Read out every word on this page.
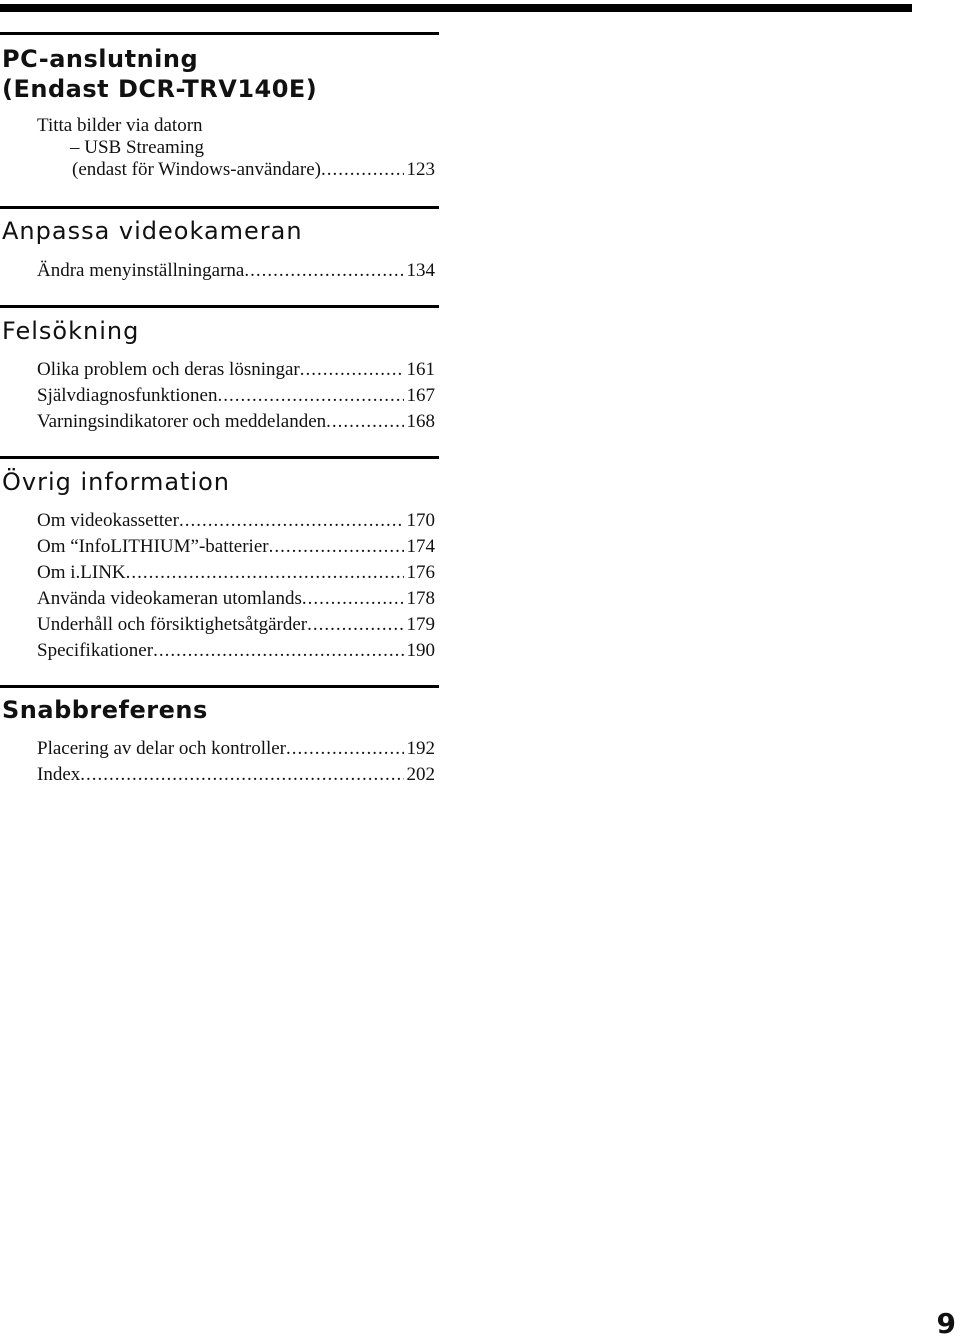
PC-anslutning
(Endast DCR-TRV140E)
Titta bilder via datorn
– USB Streaming
(endast för Windows-användare) .....	123
Anpassa videokameran
Ändra menyinställningarna .....	134
Felsökning
Olika problem och deras lösningar .....	161
Självdiagnosfunktionen .....	167
Varningsindikatorer och meddelanden .....	168
Övrig information
Om videokassetter .....	170
Om “InfoLITHIUM”-batterier .....	174
Om i.LINK .....	176
Använda videokameran utomlands .....	178
Underhåll och försiktighetsåtgärder .....	179
Specifikationer .....	190
Snabbreferens
Placering av delar och kontroller .....	192
Index .....	202
9
